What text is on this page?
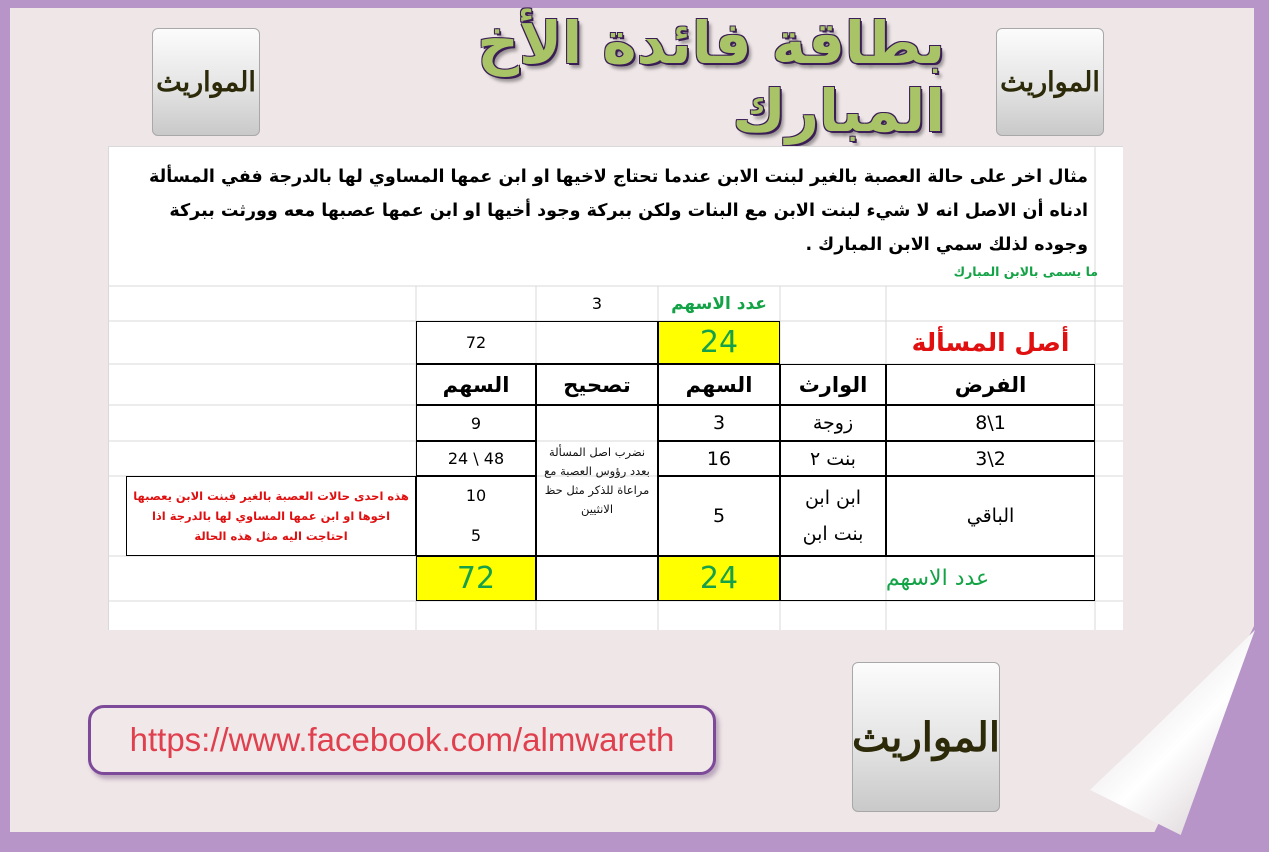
المواريث	المواريث
بطاقة فائدة الأخ المبارك
مثال اخر على حالة العصبة بالغير لبنت الابن عندما تحتاج لاخيها او ابن عمها المساوي لها بالدرجة ففي المسألة ادناه أن الاصل انه لا شيء لبنت الابن مع البنات ولكن ببركة وجود أخيها او ابن عمها عصبها معه وورثت ببركة وجوده لذلك سمي الابن المبارك .
ما يسمى بالابن المبارك
عدد الاسهم
3
أصل المسألة
24
72
الفرض
الوارث
السهم
تصحيح
السهم
1\8
زوجة
3
9
2\3
بنت ٢
16
48 \ 24
الباقي
ابن ابن
بنت ابن
5
10
5
نضرب اصل المسألة بعدد رؤوس العصبة مع مراعاة للذكر مثل حظ الانثيين
هذه احدى حالات العصبة بالغير فبنت الابن يعصبها اخوها او ابن عمها المساوي لها بالدرجة اذا احتاجت اليه مثل هذه الحالة
عدد الاسهم
24
72
https://www.facebook.com/almwareth	المواريث
